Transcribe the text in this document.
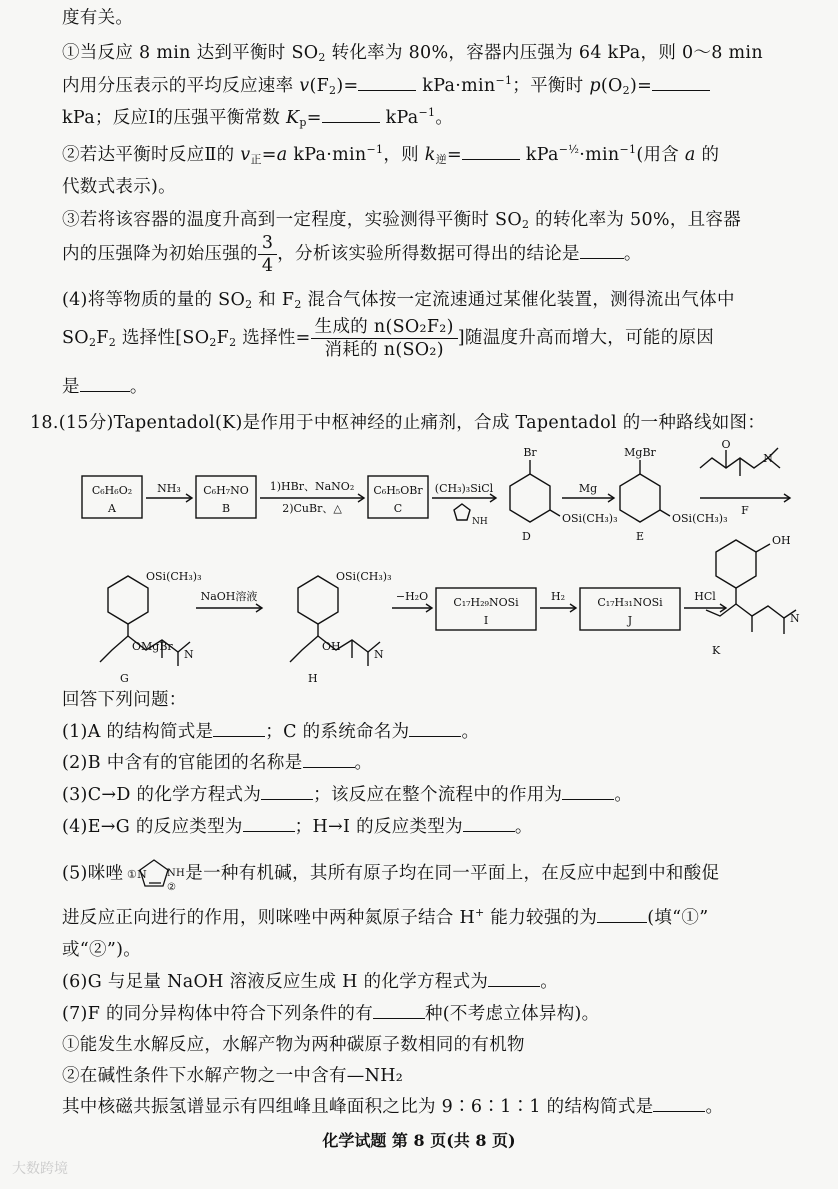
度有关。
①当反应 8 min 达到平衡时 $SO_2$ 转化率为 80%，容器内压强为 64 kPa，则 0～8 min
内用分压表示的平均反应速率 $v(F_2)=$	$kPa\cdot\min^{-1}$；平衡时 $p(O_2)=$
kPa；反应Ⅰ的压强平衡常数 $K_p=$	kPa$^{-1}$。
②若达平衡时反应Ⅱ的 $v_正=a$ $kPa\cdot\min^{-1}$，则 $k_逆=$	$kPa^{-\frac{1}{2}}\cdot\min^{-1}$(用含 a 的
代数式表示)。
③若将该容器的温度升高到一定程度，实验测得平衡时 $SO_2$ 的转化率为 50%，且容器
内的压强降为初始压强的 $\frac{3}{4}$ ，分析该实验所得数据可得出的结论是	。
(4)将等物质的量的 $SO_2$ 和 $F_2$ 混合气体按一定流速通过某催化装置，测得流出气体中
$SO_2F_2$ 选择性[$SO_2F_2$ 选择性= $\frac{\text{生成的 n(SO₂F₂)}}{\text{消耗的 n(SO₂)}}$ ]随温度升高而增大，可能的原因
是	。
18.(15分)Tapentadol(K)是作用于中枢神经的止痛剂，合成 Tapentadol 的一种路线如图：
C₆H₆O₂
A
NH₃ C₆H₇NO
B
1)HBr、NaNO₂
2)CuBr、△
C₆H₅OBr
C
(CH₃)₃SiCl
NH
Br
OSi(CH₃)₃
D
Mg
MgBr
OSi(CH₃)₃
E
O
N
F
OSi(CH₃)₃
OMgBr
N
G
NaOH溶液
OSi(CH₃)₃
OH
N
H
−H₂O C₁₇H₂₉NOSi
I
H₂	C₁₇H₃₁NOSi
J
HCl
OH
N
K
回答下列问题：
(1)A 的结构简式是	；C 的系统命名为	。
(2)B 中含有的官能团的名称是	。
(3)C→D 的化学方程式为	；该反应在整个流程中的作用为	。
(4)E→G 的反应类型为	；H→I 的反应类型为	。
(5)咪唑 ①N NH
②
是一种有机碱，其所有原子均在同一平面上，在反应中起到中和酸促
进反应正向进行的作用，则咪唑中两种氮原子结合 H+ 能力较强的为	(填“①”
或“②”)。
(6)G 与足量 NaOH 溶液反应生成 H 的化学方程式为	。
(7)F 的同分异构体中符合下列条件的有	种(不考虑立体异构)。
①能发生水解反应，水解产物为两种碳原子数相同的有机物
②在碱性条件下水解产物之一中含有—NH₂
其中核磁共振氢谱显示有四组峰且峰面积之比为 9∶6∶1∶1 的结构简式是	。
化学试题 第 8 页(共 8 页)
大数跨境
